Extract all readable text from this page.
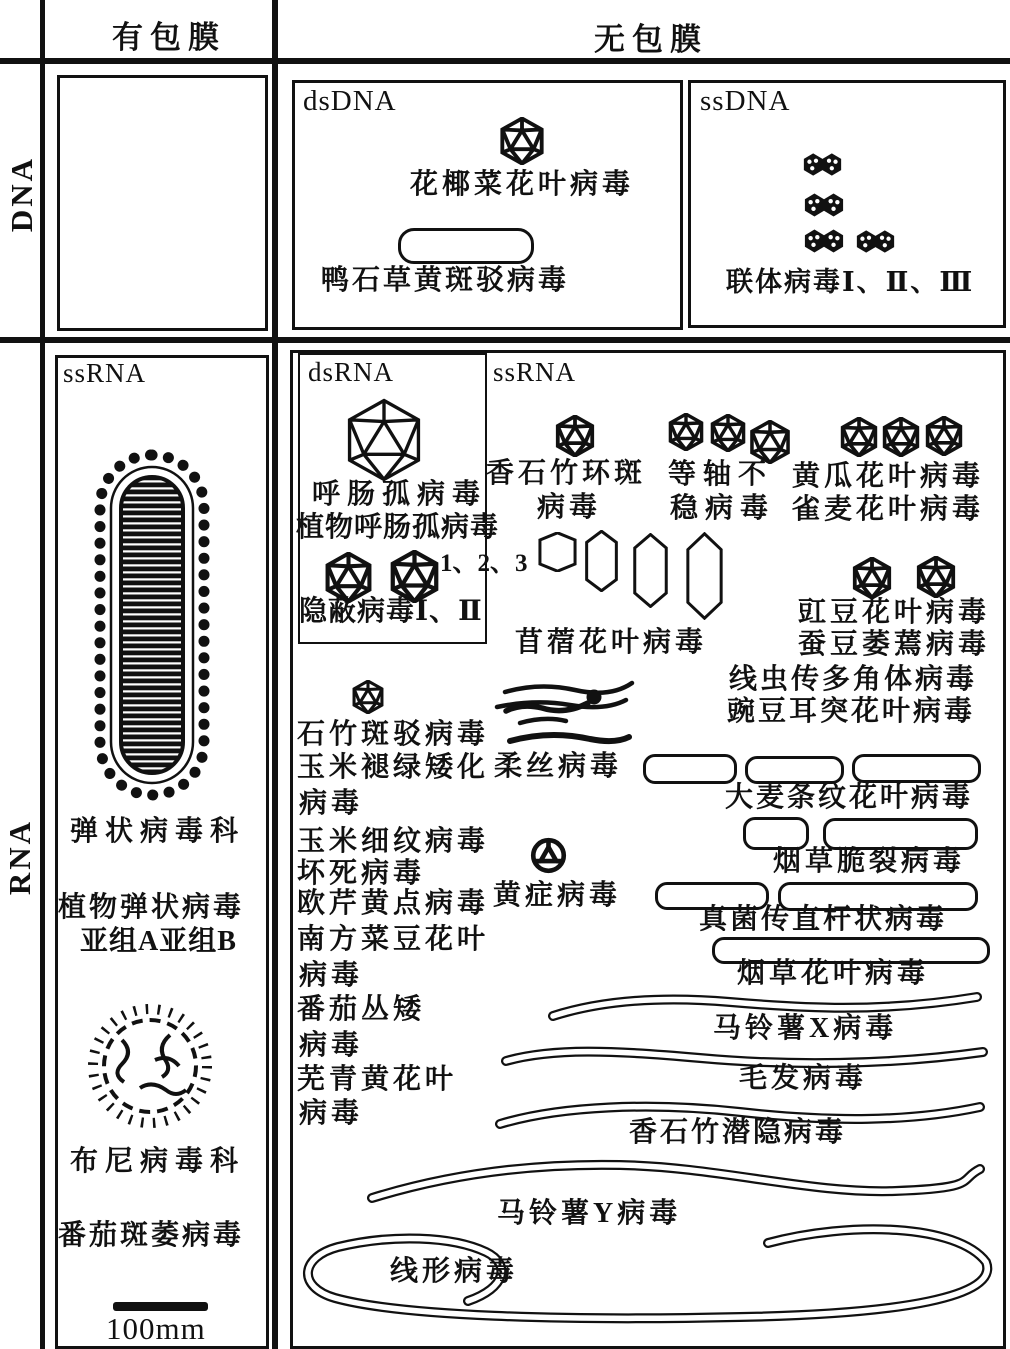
有包膜	无包膜
DNA
RNA
100mm
dsDNA	ssDNA
ssRNA	dsRNA	ssRNA
花椰菜花叶病毒
鸭石草黄斑驳病毒	联体病毒Ⅰ、Ⅱ、Ⅲ
弹状病毒科
植物弹状病毒
亚组A亚组B
布尼病毒科
番茄斑萎病毒
呼肠孤病毒
植物呼肠孤病毒
1、2、3
隐蔽病毒Ⅰ、Ⅱ
香石竹环斑
病毒
等轴不
稳病毒
黄瓜花叶病毒
雀麦花叶病毒
苜蓿花叶病毒
豇豆花叶病毒
蚕豆萎蔫病毒
线虫传多角体病毒
豌豆耳突花叶病毒
石竹斑驳病毒
玉米褪绿矮化
病毒
柔丝病毒
玉米细纹病毒
坏死病毒
欧芹黄点病毒 黄症病毒
南方菜豆花叶
病毒
番茄丛矮
病毒
芜青黄花叶
病毒
大麦条纹花叶病毒
烟草脆裂病毒
真菌传直杆状病毒
烟草花叶病毒
马铃薯X病毒
毛发病毒
香石竹潜隐病毒
马铃薯Y病毒
线形病毒
